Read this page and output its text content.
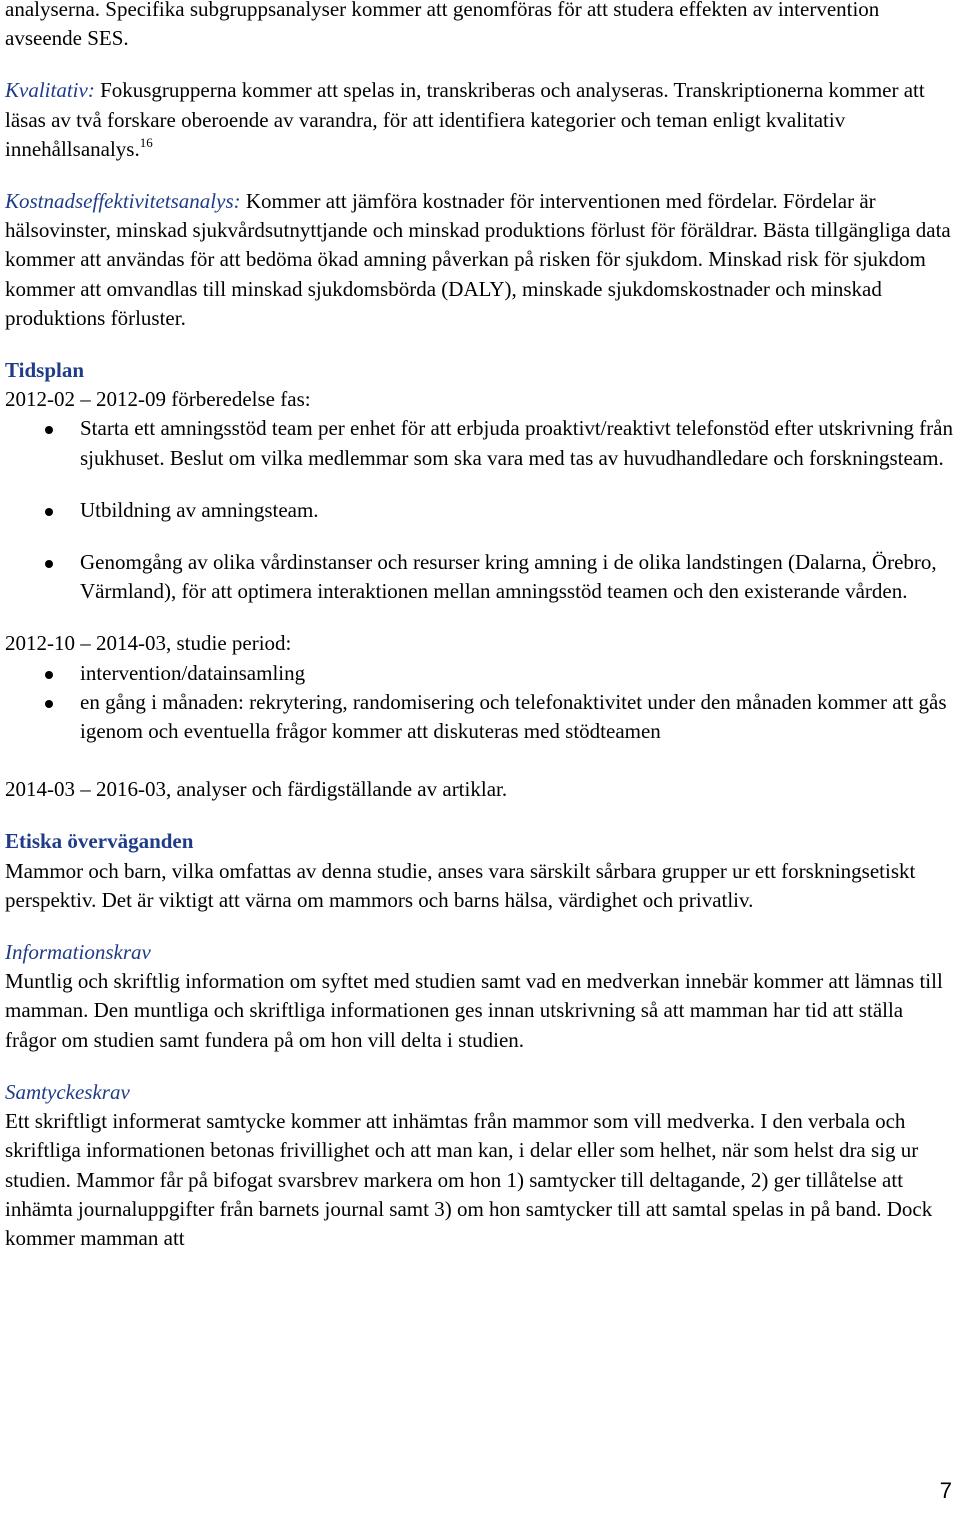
analyserna. Specifika subgruppsanalyser kommer att genomföras för att studera effekten av intervention avseende SES.

Kvalitativ: Fokusgrupperna kommer att spelas in, transkriberas och analyseras. Transkriptionerna kommer att läsas av två forskare oberoende av varandra, för att identifiera kategorier och teman enligt kvalitativ innehållsanalys.$^{16}$

Kostnadseffektivitetsanalys: Kommer att jämföra kostnader för interventionen med fördelar. Fördelar är hälsovinster, minskad sjukvårdsutnyttjande och minskad produktions förlust för föräldrar. Bästa tillgängliga data kommer att användas för att bedöma ökad amning påverkan på risken för sjukdom. Minskad risk för sjukdom kommer att omvandlas till minskad sjukdomsbörda (DALY), minskade sjukdomskostnader och minskad produktions förluster.

Tidsplan

2012-02 – 2012-09 förberedelse fas:

Starta ett amningsstöd team per enhet för att erbjuda proaktivt/reaktivt telefonstöd efter utskrivning från sjukhuset. Beslut om vilka medlemmar som ska vara med tas av huvudhandledare och forskningsteam.
Utbildning av amningsteam.
Genomgång av olika vårdinstanser och resurser kring amning i de olika landstingen (Dalarna, Örebro, Värmland), för att optimera interaktionen mellan amningsstöd teamen och den existerande vården.

2012-10 – 2014-03, studie period:

intervention/datainsamling
en gång i månaden: rekrytering, randomisering och telefonaktivitet under den månaden kommer att gås igenom och eventuella frågor kommer att diskuteras med stödteamen

2014-03 – 2016-03, analyser och färdigställande av artiklar.

Etiska överväganden

Mammor och barn, vilka omfattas av denna studie, anses vara särskilt sårbara grupper ur ett forskningsetiskt perspektiv. Det är viktigt att värna om mammors och barns hälsa, värdighet och privatliv.

Informationskrav

Muntlig och skriftlig information om syftet med studien samt vad en medverkan innebär kommer att lämnas till mamman. Den muntliga och skriftliga informationen ges innan utskrivning så att mamman har tid att ställa frågor om studien samt fundera på om hon vill delta i studien.

Samtyckeskrav

Ett skriftligt informerat samtycke kommer att inhämtas från mammor som vill medverka. I den verbala och skriftliga informationen betonas frivillighet och att man kan, i delar eller som helhet, när som helst dra sig ur studien. Mammor får på bifogat svarsbrev markera om hon 1) samtycker till deltagande, 2) ger tillåtelse att inhämta journaluppgifter från barnets journal samt 3) om hon samtycker till att samtal spelas in på band. Dock kommer mamman att

7
